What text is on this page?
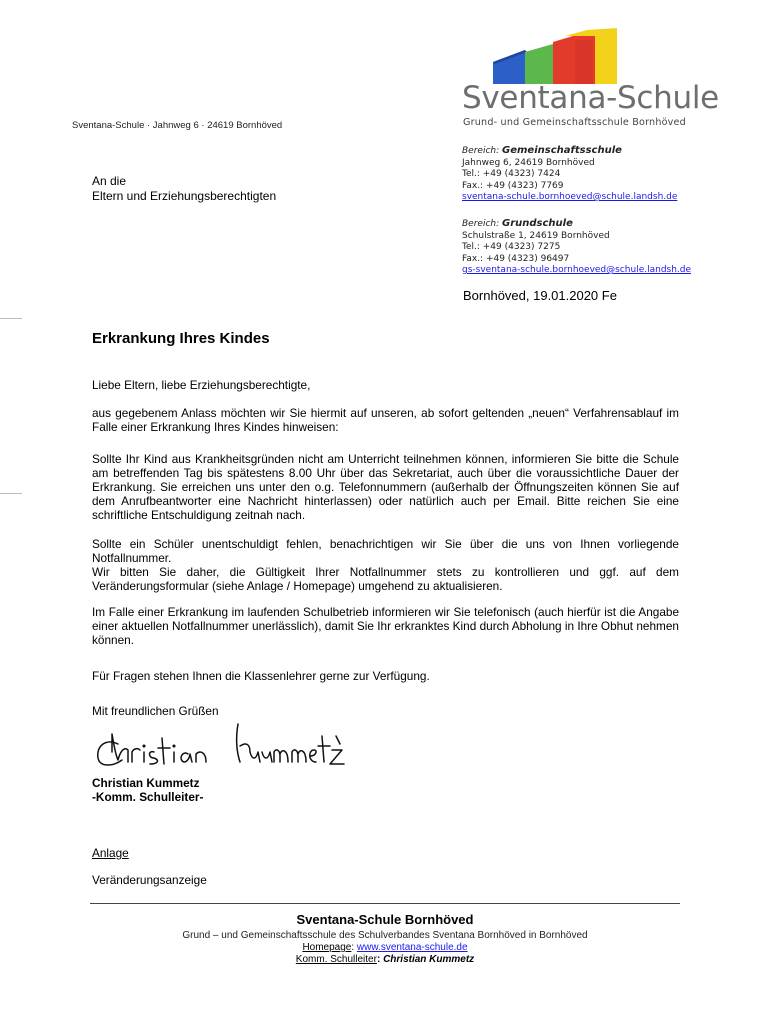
Sventana-Schule
Grund- und Gemeinschaftsschule Bornhöved
Sventana-Schule · Jahnweg 6 · 24619 Bornhöved
An die
Eltern und Erziehungsberechtigten
Bereich: Gemeinschaftsschule
Jahnweg 6, 24619 Bornhöved
Tel.: +49 (4323) 7424
Fax.: +49 (4323) 7769
sventana-schule.bornhoeved@schule.landsh.de
Bereich: Grundschule
Schulstraße 1, 24619 Bornhöved
Tel.: +49 (4323) 7275
Fax.: +49 (4323) 96497
gs-sventana-schule.bornhoeved@schule.landsh.de
Bornhöved, 19.01.2020 Fe
Erkrankung Ihres Kindes

Liebe Eltern, liebe Erziehungsberechtigte,

aus gegebenem Anlass möchten wir Sie hiermit auf unseren, ab sofort geltenden „neuen“ Verfahrensablauf im Falle einer Erkrankung Ihres Kindes hinweisen:

Sollte Ihr Kind aus Krankheitsgründen nicht am Unterricht teilnehmen können, informieren Sie bitte die Schule am betreffenden Tag bis spätestens 8.00 Uhr über das Sekretariat, auch über die voraussichtliche Dauer der Erkrankung. Sie erreichen uns unter den o.g. Telefonnummern (außerhalb der Öffnungszeiten können Sie auf dem Anrufbeantworter eine Nachricht hinterlassen) oder natürlich auch per Email. Bitte reichen Sie eine schriftliche Entschuldigung zeitnah nach.

Sollte ein Schüler unentschuldigt fehlen, benachrichtigen wir Sie über die uns von Ihnen vorliegende Notfallnummer.

Wir bitten Sie daher, die Gültigkeit Ihrer Notfallnummer stets zu kontrollieren und ggf. auf dem Veränderungsformular (siehe Anlage / Homepage) umgehend zu aktualisieren.

Im Falle einer Erkrankung im laufenden Schulbetrieb informieren wir Sie telefonisch (auch hierfür ist die Angabe einer aktuellen Notfallnummer unerlässlich), damit Sie Ihr erkranktes Kind durch Abholung in Ihre Obhut nehmen können.

Für Fragen stehen Ihnen die Klassenlehrer gerne zur Verfügung.

Mit freundlichen Grüßen

Christian Kummetz
-Komm. Schulleiter-
Anlage
Veränderungsanzeige
Sventana-Schule Bornhöved
Grund – und Gemeinschaftsschule des Schulverbandes Sventana Bornhöved in Bornhöved
Homepage: www.sventana-schule.de
Komm. Schulleiter: Christian Kummetz
